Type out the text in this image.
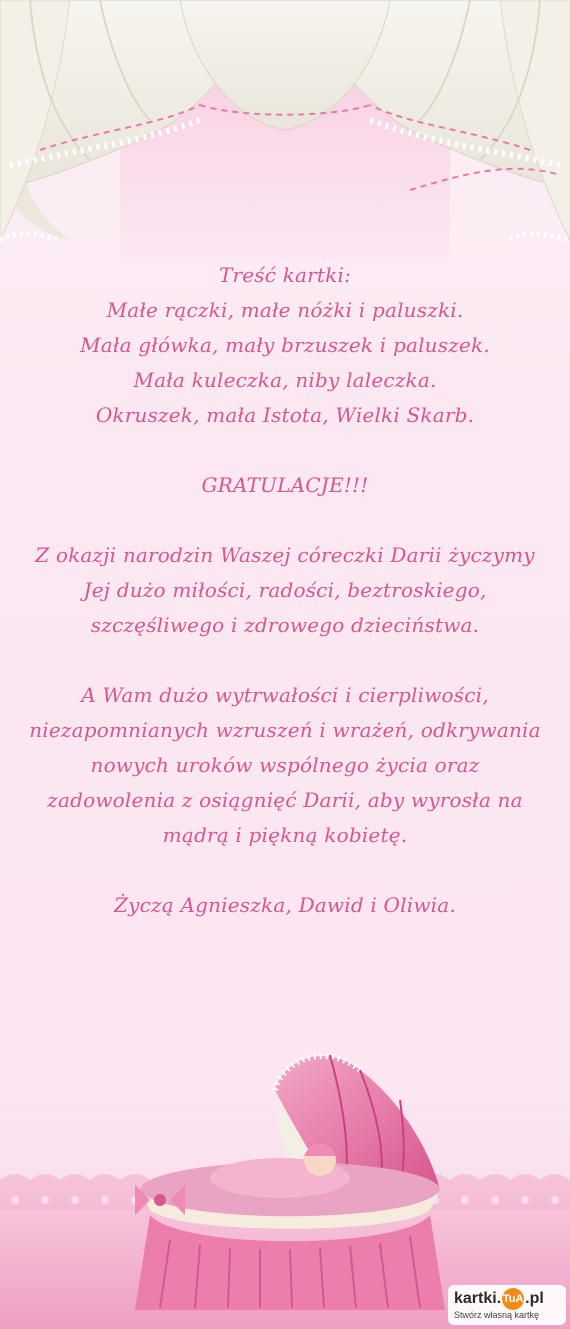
Treść kartki:
Małe rączki, małe nóżki i paluszki.
Mała główka, mały brzuszek i paluszek.
Mała kuleczka, niby laleczka.
Okruszek, mała Istota, Wielki Skarb.
GRATULACJE!!!
Z okazji narodzin Waszej córeczki Darii życzymy
Jej dużo miłości, radości, beztroskiego,
szczęśliwego i zdrowego dzieciństwa.
A Wam dużo wytrwałości i cierpliwości,
niezapomnianych wzruszeń i wrażeń, odkrywania
nowych uroków wspólnego życia oraz
zadowolenia z osiągnięć Darii, aby wyrosła na
mądrą i piękną kobietę.
Życzą Agnieszka, Dawid i Oliwia.
kartki. TuA .pl
Stwórz własną kartkę
